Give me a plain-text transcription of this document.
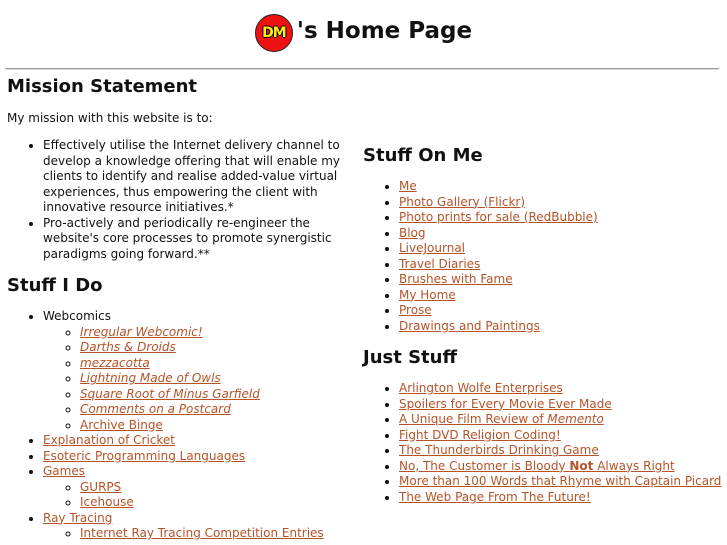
DM 's Home Page
Mission Statement

My mission with this website is to:

• Effectively utilise the Internet delivery channel to develop a knowledge offering that will enable my clients to identify and realise added-value virtual experiences, thus empowering the client with innovative resource initiatives.*
• Pro-actively and periodically re-engineer the website's core processes to promote synergistic paradigms going forward.**
Stuff I Do
• Webcomics
◦ Irregular Webcomic!
◦ Darths & Droids
◦ mezzacotta
◦ Lightning Made of Owls
◦ Square Root of Minus Garfield
◦ Comments on a Postcard
◦ Archive Binge
• Explanation of Cricket
• Esoteric Programming Languages
• Games
◦ GURPS
◦ Icehouse
• Ray Tracing
◦ Internet Ray Tracing Competition Entries
Stuff On Me
• Me
• Photo Gallery (Flickr)
• Photo prints for sale (RedBubble)
• Blog
• LiveJournal
• Travel Diaries
• Brushes with Fame
• My Home
• Prose
• Drawings and Paintings
Just Stuff
• Arlington Wolfe Enterprises
• Spoilers for Every Movie Ever Made
• A Unique Film Review of Memento
• Fight DVD Religion Coding!
• The Thunderbirds Drinking Game
• No, The Customer is Bloody Not Always Right
• More than 100 Words that Rhyme with Captain Picard
• The Web Page From The Future!
